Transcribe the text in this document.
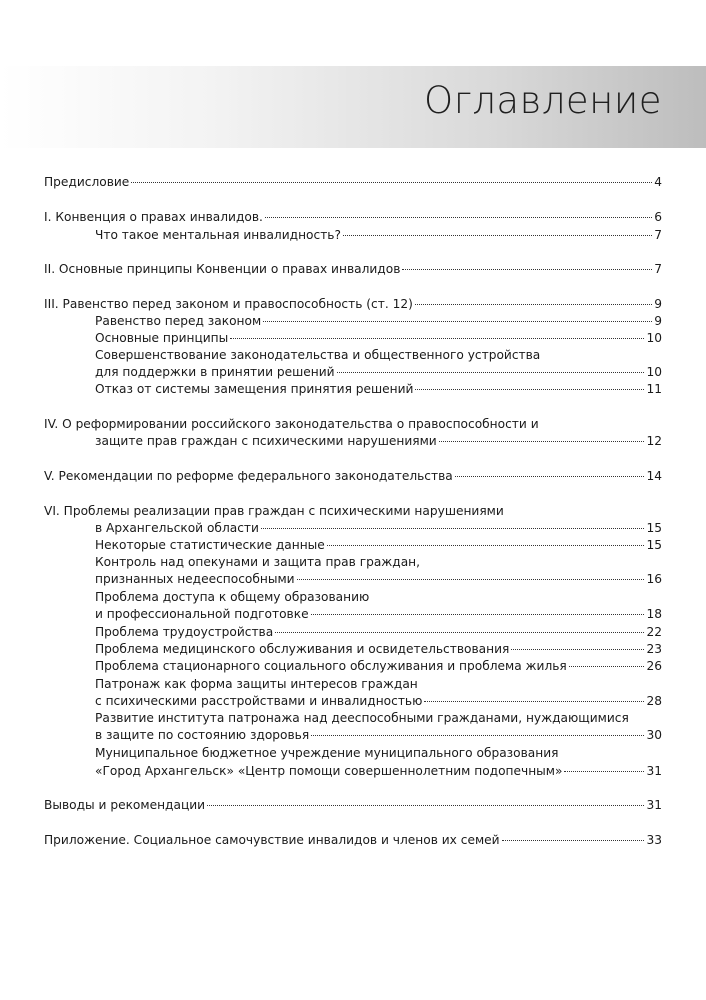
Оглавление
Предисловие	4
I. Конвенция о правах инвалидов.	6
Что такое ментальная инвалидность?	7
II. Основные принципы Конвенции о правах инвалидов	7
III. Равенство перед законом и правоспособность (ст. 12)	9
Равенство перед законом	9
Основные принципы	10
Совершенствование законодательства и общественного устройства
для поддержки в принятии решений	10
Отказ от системы замещения принятия решений	11
IV. О реформировании российского законодательства о правоспособности и
защите прав граждан с психическими нарушениями	12
V. Рекомендации по реформе федерального законодательства	14
VI. Проблемы реализации прав граждан с психическими нарушениями
в Архангельской области	15
Некоторые статистические данные	15
Контроль над опекунами и защита прав граждан,
признанных недееспособными	16
Проблема доступа к общему образованию
и профессиональной подготовке	18
Проблема трудоустройства	22
Проблема медицинского обслуживания и освидетельствования	23
Проблема стационарного социального обслуживания и проблема жилья	26
Патронаж как форма защиты интересов граждан
с психическими расстройствами и инвалидностью	28
Развитие института патронажа над дееспособными гражданами, нуждающимися
в защите по состоянию здоровья	30
Муниципальное бюджетное учреждение муниципального образования
«Город Архангельск» «Центр помощи совершеннолетним подопечным»	31
Выводы и рекомендации	31
Приложение. Социальное самочувствие инвалидов и членов их семей	33
